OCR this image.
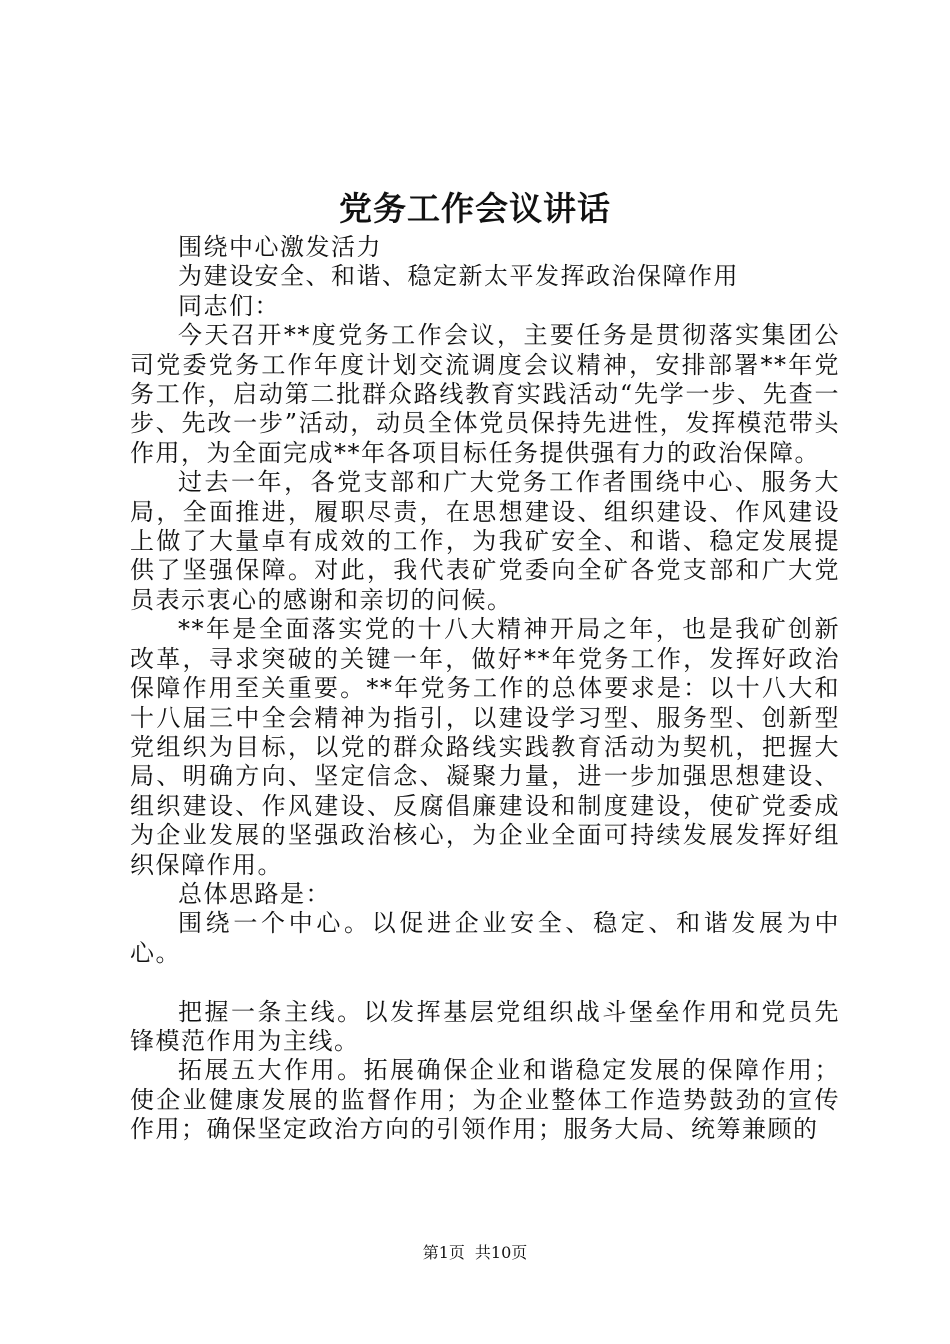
党务工作会议讲话

围绕中心激发活力

为建设安全、和谐、稳定新太平发挥政治保障作用

同志们：

今天召开**度党务工作会议，主要任务是贯彻落实集团公司党委党务工作年度计划交流调度会议精神，安排部署**年党务工作，启动第二批群众路线教育实践活动“先学一步、先查一步、先改一步”活动，动员全体党员保持先进性，发挥模范带头作用，为全面完成**年各项目标任务提供强有力的政治保障。

过去一年，各党支部和广大党务工作者围绕中心、服务大局，全面推进，履职尽责，在思想建设、组织建设、作风建设上做了大量卓有成效的工作，为我矿安全、和谐、稳定发展提供了坚强保障。对此，我代表矿党委向全矿各党支部和广大党员表示衷心的感谢和亲切的问候。

**年是全面落实党的十八大精神开局之年，也是我矿创新改革，寻求突破的关键一年，做好**年党务工作，发挥好政治保障作用至关重要。**年党务工作的总体要求是：以十八大和十八届三中全会精神为指引，以建设学习型、服务型、创新型党组织为目标，以党的群众路线实践教育活动为契机，把握大局、明确方向、坚定信念、凝聚力量，进一步加强思想建设、组织建设、作风建设、反腐倡廉建设和制度建设，使矿党委成为企业发展的坚强政治核心，为企业全面可持续发展发挥好组织保障作用。

总体思路是：

围绕一个中心。以促进企业安全、稳定、和谐发展为中心。

把握一条主线。以发挥基层党组织战斗堡垒作用和党员先锋模范作用为主线。

拓展五大作用。拓展确保企业和谐稳定发展的保障作用；使企业健康发展的监督作用；为企业整体工作造势鼓劲的宣传作用；确保坚定政治方向的引领作用；服务大局、统筹兼顾的

第1页 共10页
